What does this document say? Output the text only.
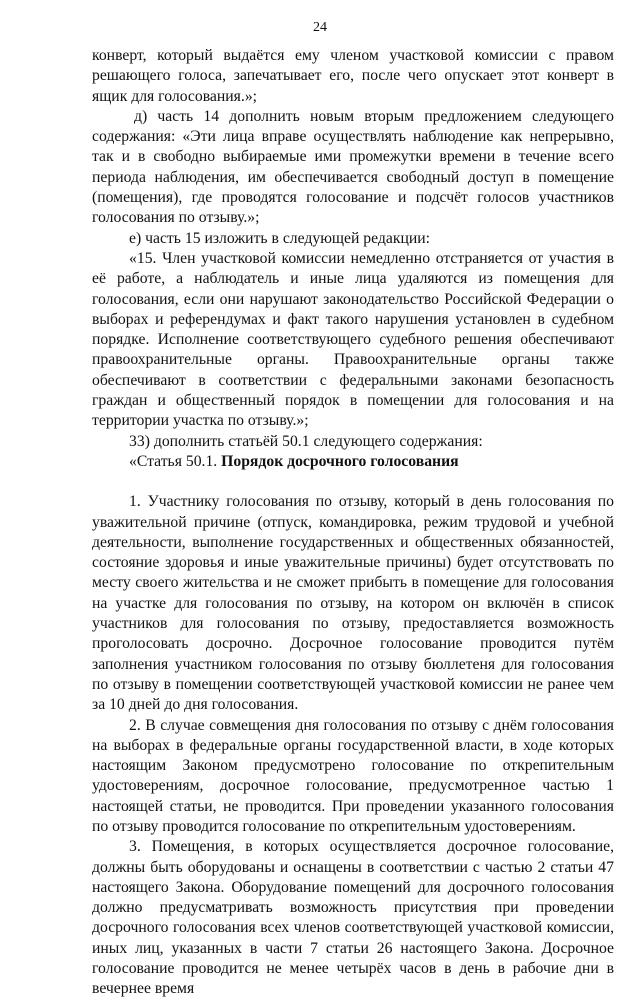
24

конверт, который выдаётся ему членом участковой комиссии с правом решающего голоса, запечатывает его, после чего опускает этот конверт в ящик для голосования.»;

д) часть 14 дополнить новым вторым предложением следующего содержания: «Эти лица вправе осуществлять наблюдение как непрерывно, так и в свободно выбираемые ими промежутки времени в течение всего периода наблюдения, им обеспечивается свободный доступ в помещение (помещения), где проводятся голосование и подсчёт голосов участников голосования по отзыву.»;

е) часть 15 изложить в следующей редакции:

«15. Член участковой комиссии немедленно отстраняется от участия в её работе, а наблюдатель и иные лица удаляются из помещения для голосования, если они нарушают законодательство Российской Федерации о выборах и референдумах и факт такого нарушения установлен в судебном порядке. Исполнение соответствующего судебного решения обеспечивают правоохранительные органы. Правоохранительные органы также обеспечивают в соответствии с федеральными законами безопасность граждан и общественный порядок в помещении для голосования и на территории участка по отзыву.»;

33) дополнить статьёй 50.1 следующего содержания:

«Статья 50.1. Порядок досрочного голосования

1. Участнику голосования по отзыву, который в день голосования по уважительной причине (отпуск, командировка, режим трудовой и учебной деятельности, выполнение государственных и общественных обязанностей, состояние здоровья и иные уважительные причины) будет отсутствовать по месту своего жительства и не сможет прибыть в помещение для голосования на участке для голосования по отзыву, на котором он включён в список участников для голосования по отзыву, предоставляется возможность проголосовать досрочно. Досрочное голосование проводится путём заполнения участником голосования по отзыву бюллетеня для голосования по отзыву в помещении соответствующей участковой комиссии не ранее чем за 10 дней до дня голосования.

2. В случае совмещения дня голосования по отзыву с днём голосования на выборах в федеральные органы государственной власти, в ходе которых настоящим Законом предусмотрено голосование по открепительным удостоверениям, досрочное голосование, предусмотренное частью 1 настоящей статьи, не проводится. При проведении указанного голосования по отзыву проводится голосование по открепительным удостоверениям.

3. Помещения, в которых осуществляется досрочное голосование, должны быть оборудованы и оснащены в соответствии с частью 2 статьи 47 настоящего Закона. Оборудование помещений для досрочного голосования должно предусматривать возможность присутствия при проведении досрочного голосования всех членов соответствующей участковой комиссии, иных лиц, указанных в части 7 статьи 26 настоящего Закона. Досрочное голосование проводится не менее четырёх часов в день в рабочие дни в вечернее время
